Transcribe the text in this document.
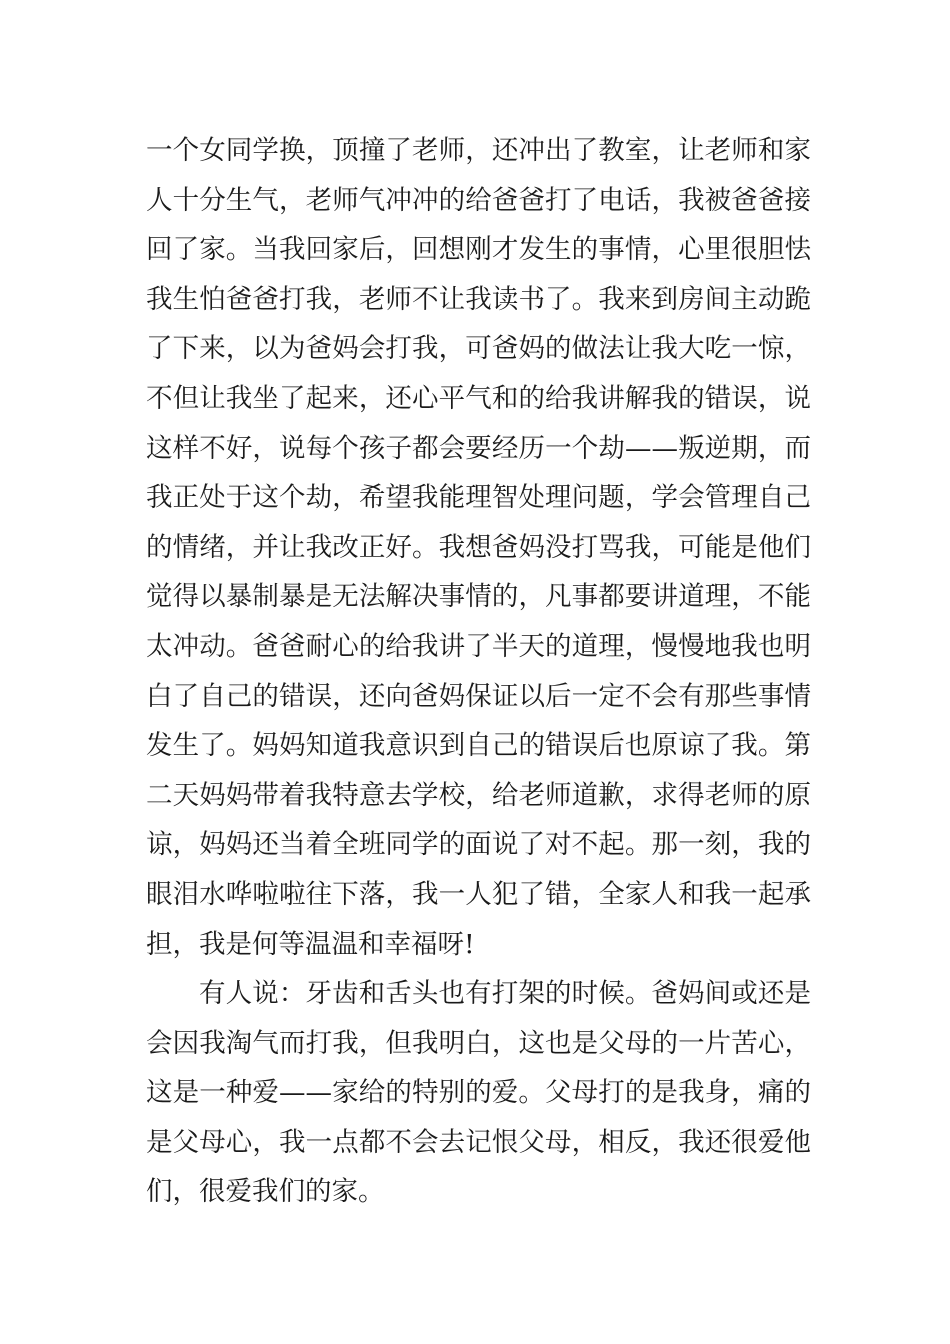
一个女同学换，顶撞了老师，还冲出了教室，让老师和家
人十分生气，老师气冲冲的给爸爸打了电话，我被爸爸接
回了家。当我回家后，回想刚才发生的事情，心里很胆怯
我生怕爸爸打我，老师不让我读书了。我来到房间主动跪
了下来，以为爸妈会打我，可爸妈的做法让我大吃一惊，
不但让我坐了起来，还心平气和的给我讲解我的错误，说
这样不好，说每个孩子都会要经历一个劫——叛逆期，而
我正处于这个劫，希望我能理智处理问题，学会管理自己
的情绪，并让我改正好。我想爸妈没打骂我，可能是他们
觉得以暴制暴是无法解决事情的，凡事都要讲道理，不能
太冲动。爸爸耐心的给我讲了半天的道理，慢慢地我也明
白了自己的错误，还向爸妈保证以后一定不会有那些事情
发生了。妈妈知道我意识到自己的错误后也原谅了我。第
二天妈妈带着我特意去学校，给老师道歉，求得老师的原
谅，妈妈还当着全班同学的面说了对不起。那一刻，我的
眼泪水哗啦啦往下落，我一人犯了错，全家人和我一起承
担，我是何等温温和幸福呀!
有人说：牙齿和舌头也有打架的时候。爸妈间或还是
会因我淘气而打我，但我明白，这也是父母的一片苦心，
这是一种爱——家给的特别的爱。父母打的是我身，痛的
是父母心，我一点都不会去记恨父母，相反，我还很爱他
们，很爱我们的家。
